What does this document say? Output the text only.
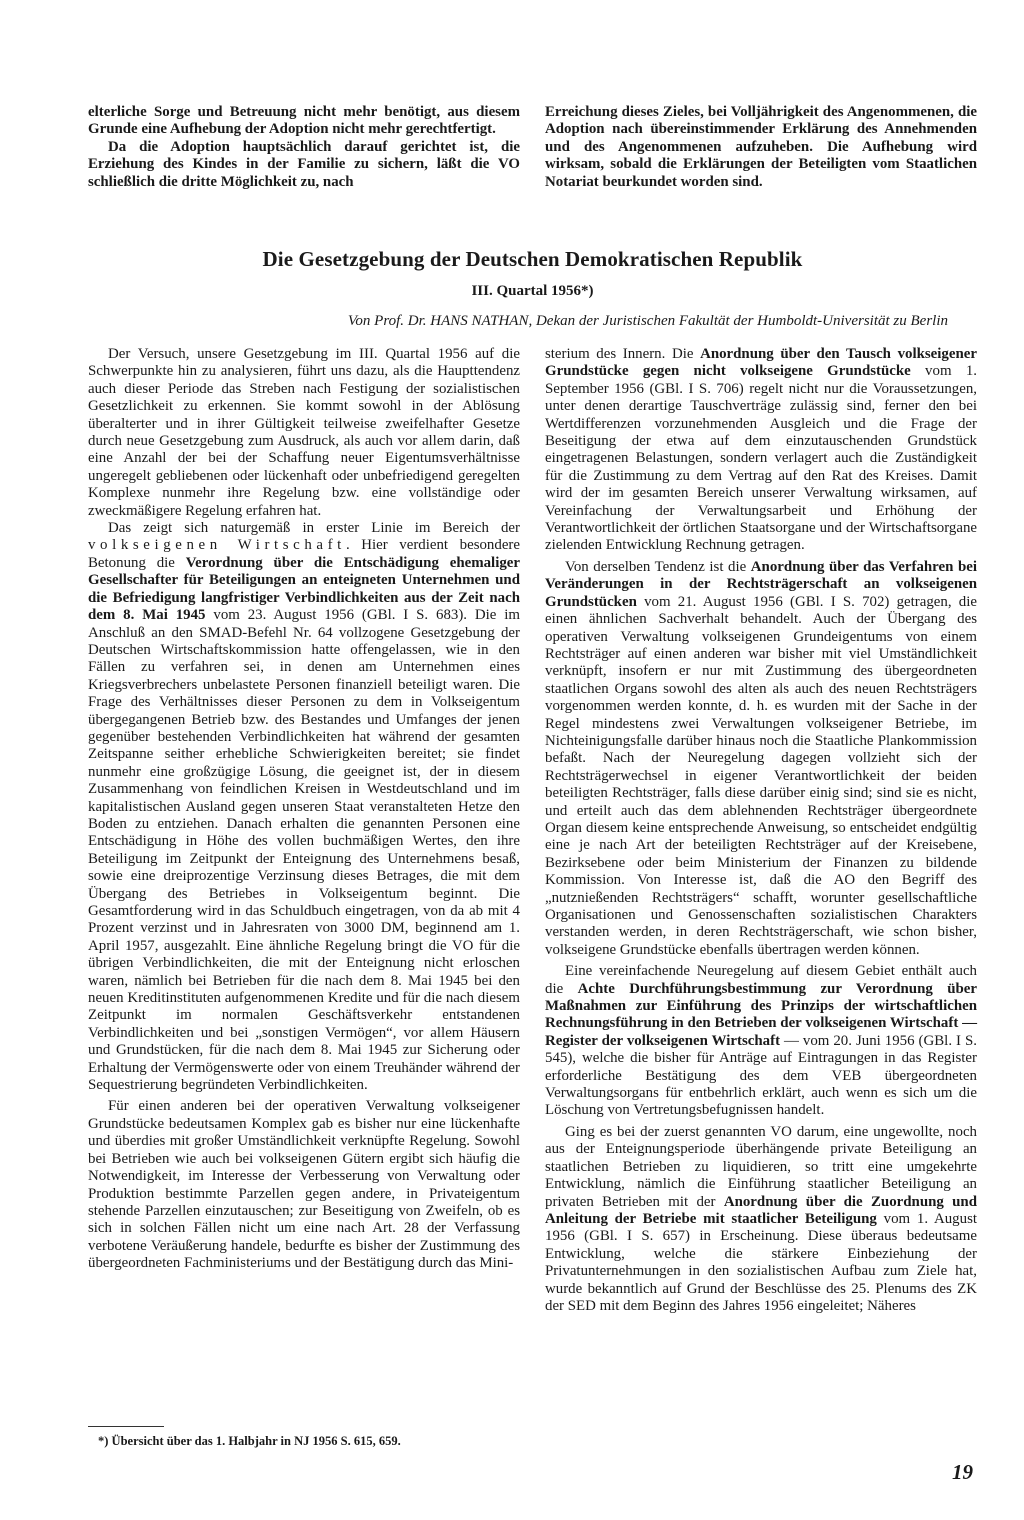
elterliche Sorge und Betreuung nicht mehr benötigt, aus diesem Grunde eine Aufhebung der Adoption nicht mehr gerechtfertigt.

Da die Adoption hauptsächlich darauf gerichtet ist, die Erziehung des Kindes in der Familie zu sichern, läßt die VO schließlich die dritte Möglichkeit zu, nach

Erreichung dieses Zieles, bei Volljährigkeit des Angenommenen, die Adoption nach übereinstimmender Erklärung des Annehmenden und des Angenommenen aufzuheben. Die Aufhebung wird wirksam, sobald die Erklärungen der Beteiligten vom Staatlichen Notariat beurkundet worden sind.

Die Gesetzgebung der Deutschen Demokratischen Republik
III. Quartal 1956*)
Von Prof. Dr. HANS NATHAN, Dekan der Juristischen Fakultät der Humboldt-Universität zu Berlin

Der Versuch, unsere Gesetzgebung im III. Quartal 1956 auf die Schwerpunkte hin zu analysieren, führt uns dazu, als die Haupttendenz auch dieser Periode das Streben nach Festigung der sozialistischen Gesetzlichkeit zu erkennen. Sie kommt sowohl in der Ablösung überalterter und in ihrer Gültigkeit teilweise zweifelhafter Gesetze durch neue Gesetzgebung zum Ausdruck, als auch vor allem darin, daß eine Anzahl der bei der Schaffung neuer Eigentumsverhältnisse ungeregelt gebliebenen oder lückenhaft oder unbefriedigend geregelten Komplexe nunmehr ihre Regelung bzw. eine vollständige oder zweckmäßigere Regelung erfahren hat.

Das zeigt sich naturgemäß in erster Linie im Bereich der volkseigenen Wirtschaft. Hier verdient besondere Betonung die Verordnung über die Entschädigung ehemaliger Gesellschafter für Beteiligungen an enteigneten Unternehmen und die Befriedigung langfristiger Verbindlichkeiten aus der Zeit nach dem 8. Mai 1945 vom 23. August 1956 (GBl. I S. 683). Die im Anschluß an den SMAD-Befehl Nr. 64 vollzogene Gesetzgebung der Deutschen Wirtschaftskommission hatte offengelassen, wie in den Fällen zu verfahren sei, in denen am Unternehmen eines Kriegsverbrechers unbelastete Personen finanziell beteiligt waren. Die Frage des Verhältnisses dieser Personen zu dem in Volkseigentum übergegangenen Betrieb bzw. des Bestandes und Umfanges der jenen gegenüber bestehenden Verbindlichkeiten hat während der gesamten Zeitspanne seither erhebliche Schwierigkeiten bereitet; sie findet nunmehr eine großzügige Lösung, die geeignet ist, der in diesem Zusammenhang von feindlichen Kreisen in Westdeutschland und im kapitalistischen Ausland gegen unseren Staat veranstalteten Hetze den Boden zu entziehen. Danach erhalten die genannten Personen eine Entschädigung in Höhe des vollen buchmäßigen Wertes, den ihre Beteiligung im Zeitpunkt der Enteignung des Unternehmens besaß, sowie eine dreiprozentige Verzinsung dieses Betrages, die mit dem Übergang des Betriebes in Volkseigentum beginnt. Die Gesamtforderung wird in das Schuldbuch eingetragen, von da ab mit 4 Prozent verzinst und in Jahresraten von 3000 DM, beginnend am 1. April 1957, ausgezahlt. Eine ähnliche Regelung bringt die VO für die übrigen Verbindlichkeiten, die mit der Enteignung nicht erloschen waren, nämlich bei Betrieben für die nach dem 8. Mai 1945 bei den neuen Kreditinstituten aufgenommenen Kredite und für die nach diesem Zeitpunkt im normalen Geschäftsverkehr entstandenen Verbindlichkeiten und bei „sonstigen Vermögen“, vor allem Häusern und Grundstücken, für die nach dem 8. Mai 1945 zur Sicherung oder Erhaltung der Vermögenswerte oder von einem Treuhänder während der Sequestrierung begründeten Verbindlichkeiten.

Für einen anderen bei der operativen Verwaltung volkseigener Grundstücke bedeutsamen Komplex gab es bisher nur eine lückenhafte und überdies mit großer Umständlichkeit verknüpfte Regelung. Sowohl bei Betrieben wie auch bei volkseigenen Gütern ergibt sich häufig die Notwendigkeit, im Interesse der Verbesserung von Verwaltung oder Produktion bestimmte Parzellen gegen andere, in Privateigentum stehende Parzellen einzutauschen; zur Beseitigung von Zweifeln, ob es sich in solchen Fällen nicht um eine nach Art. 28 der Verfassung verbotene Veräußerung handele, bedurfte es bisher der Zustimmung des übergeordneten Fachministeriums und der Bestätigung durch das Mini-

sterium des Innern. Die Anordnung über den Tausch volkseigener Grundstücke gegen nicht volkseigene Grundstücke vom 1. September 1956 (GBl. I S. 706) regelt nicht nur die Voraussetzungen, unter denen derartige Tauschverträge zulässig sind, ferner den bei Wertdifferenzen vorzunehmenden Ausgleich und die Frage der Beseitigung der etwa auf dem einzutauschenden Grundstück eingetragenen Belastungen, sondern verlagert auch die Zuständigkeit für die Zustimmung zu dem Vertrag auf den Rat des Kreises. Damit wird der im gesamten Bereich unserer Verwaltung wirksamen, auf Vereinfachung der Verwaltungsarbeit und Erhöhung der Verantwortlichkeit der örtlichen Staatsorgane und der Wirtschaftsorgane zielenden Entwicklung Rechnung getragen.

Von derselben Tendenz ist die Anordnung über das Verfahren bei Veränderungen in der Rechtsträgerschaft an volkseigenen Grundstücken vom 21. August 1956 (GBl. I S. 702) getragen, die einen ähnlichen Sachverhalt behandelt. Auch der Übergang des operativen Verwaltung volkseigenen Grundeigentums von einem Rechtsträger auf einen anderen war bisher mit viel Umständlichkeit verknüpft, insofern er nur mit Zustimmung des übergeordneten staatlichen Organs sowohl des alten als auch des neuen Rechtsträgers vorgenommen werden konnte, d. h. es wurden mit der Sache in der Regel mindestens zwei Verwaltungen volkseigener Betriebe, im Nichteinigungsfalle darüber hinaus noch die Staatliche Plankommission befaßt. Nach der Neuregelung dagegen vollzieht sich der Rechtsträgerwechsel in eigener Verantwortlichkeit der beiden beteiligten Rechtsträger, falls diese darüber einig sind; sind sie es nicht, und erteilt auch das dem ablehnenden Rechtsträger übergeordnete Organ diesem keine entsprechende Anweisung, so entscheidet endgültig eine je nach Art der beteiligten Rechtsträger auf der Kreisebene, Bezirksebene oder beim Ministerium der Finanzen zu bildende Kommission. Von Interesse ist, daß die AO den Begriff des „nutznießenden Rechtsträgers“ schafft, worunter gesellschaftliche Organisationen und Genossenschaften sozialistischen Charakters verstanden werden, in deren Rechtsträgerschaft, wie schon bisher, volkseigene Grundstücke ebenfalls übertragen werden können.

Eine vereinfachende Neuregelung auf diesem Gebiet enthält auch die Achte Durchführungsbestimmung zur Verordnung über Maßnahmen zur Einführung des Prinzips der wirtschaftlichen Rechnungsführung in den Betrieben der volkseigenen Wirtschaft — Register der volkseigenen Wirtschaft — vom 20. Juni 1956 (GBl. I S. 545), welche die bisher für Anträge auf Eintragungen in das Register erforderliche Bestätigung des dem VEB übergeordneten Verwaltungsorgans für entbehrlich erklärt, auch wenn es sich um die Löschung von Vertretungsbefugnissen handelt.

Ging es bei der zuerst genannten VO darum, eine ungewollte, noch aus der Enteignungsperiode überhängende private Beteiligung an staatlichen Betrieben zu liquidieren, so tritt eine umgekehrte Entwicklung, nämlich die Einführung staatlicher Beteiligung an privaten Betrieben mit der Anordnung über die Zuordnung und Anleitung der Betriebe mit staatlicher Beteiligung vom 1. August 1956 (GBl. I S. 657) in Erscheinung. Diese überaus bedeutsame Entwicklung, welche die stärkere Einbeziehung der Privatunternehmungen in den sozialistischen Aufbau zum Ziele hat, wurde bekanntlich auf Grund der Beschlüsse des 25. Plenums des ZK der SED mit dem Beginn des Jahres 1956 eingeleitet; Näheres

*) Übersicht über das 1. Halbjahr in NJ 1956 S. 615, 659.
19
